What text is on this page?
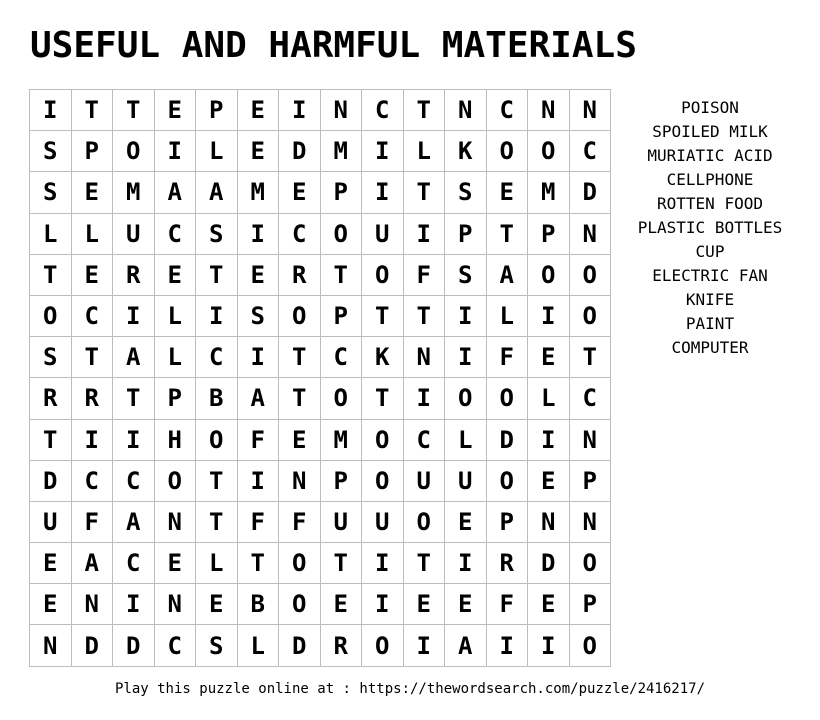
USEFUL AND HARMFUL MATERIALS
I	T	T	E	P	E	I	N	C	T	N	C	N	N
S	P	O	I	L	E	D	M	I	L	K	O	O	C
S	E	M	A	A	M	E	P	I	T	S	E	M	D
L	L	U	C	S	I	C	O	U	I	P	T	P	N
T	E	R	E	T	E	R	T	O	F	S	A	O	O
O	C	I	L	I	S	O	P	T	T	I	L	I	O
S	T	A	L	C	I	T	C	K	N	I	F	E	T
R	R	T	P	B	A	T	O	T	I	O	O	L	C
T	I	I	H	O	F	E	M	O	C	L	D	I	N
D	C	C	O	T	I	N	P	O	U	U	O	E	P
U	F	A	N	T	F	F	U	U	O	E	P	N	N
E	A	C	E	L	T	O	T	I	T	I	R	D	O
E	N	I	N	E	B	O	E	I	E	E	F	E	P
N	D	D	C	S	L	D	R	O	I	A	I	I	O
POISON
SPOILED MILK
MURIATIC ACID
CELLPHONE
ROTTEN FOOD
PLASTIC BOTTLES
CUP
ELECTRIC FAN
KNIFE
PAINT
COMPUTER
Play this puzzle online at : https://thewordsearch.com/puzzle/2416217/
